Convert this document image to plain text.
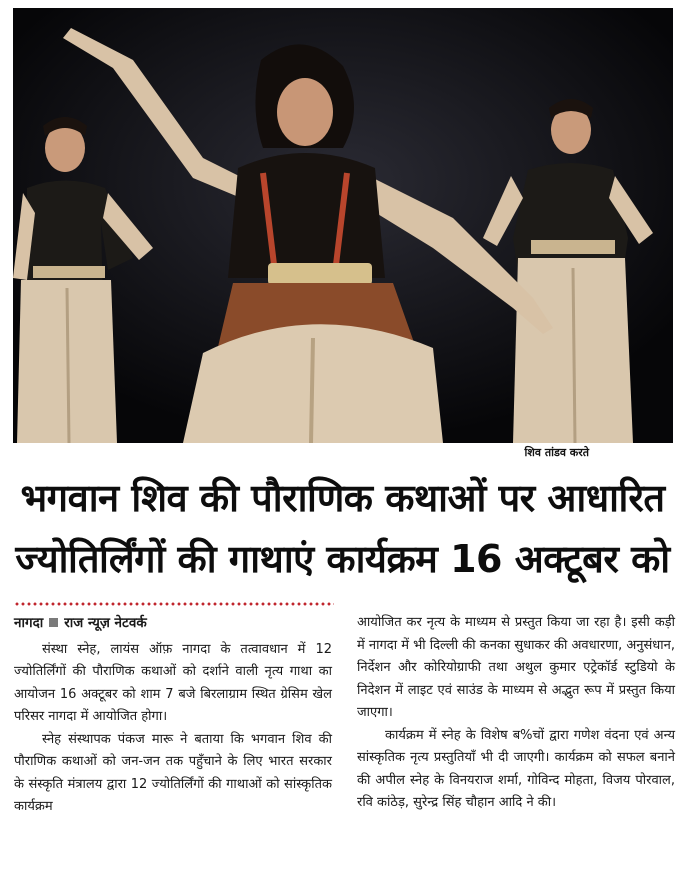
शिव तांडव करते
भगवान शिव की पौराणिक कथाओं पर आधारित
ज्योतिर्लिंगों की गाथाएं कार्यक्रम 16 अक्टूबर को
नागदा राज न्यूज़ नेटवर्क

संस्था स्नेह, लायंस ऑफ़ नागदा के तत्वावधान में 12 ज्योतिर्लिंगों की पौराणिक कथाओं को दर्शाने वाली नृत्य गाथा का आयोजन 16 अक्टूबर को शाम 7 बजे बिरलाग्राम स्थित ग्रेसिम खेल परिसर नागदा में आयोजित होगा।

स्नेह संस्थापक पंकज मारू ने बताया कि भगवान शिव की पौराणिक कथाओं को जन-जन तक पहुँचाने के लिए भारत सरकार के संस्कृति मंत्रालय द्वारा 12 ज्योतिर्लिंगों की गाथाओं को सांस्कृतिक कार्यक्रम

आयोजित कर नृत्य के माध्यम से प्रस्तुत किया जा रहा है। इसी कड़ी में नागदा में भी दिल्ली की कनका सुधाकर की अवधारणा, अनुसंधान, निर्देशन और कोरियोग्राफी तथा अथुल कुमार एट्रेकॉर्ड स्टुडियो के निदेशन में लाइट एवं साउंड के माध्यम से अद्भुत रूप में प्रस्तुत किया जाएगा।

कार्यक्रम में स्नेह के विशेष ब%चों द्वारा गणेश वंदना एवं अन्य सांस्कृतिक नृत्य प्रस्तुतियाँ भी दी जाएगी। कार्यक्रम को सफल बनाने की अपील स्नेह के विनयराज शर्मा, गोविन्द मोहता, विजय पोरवाल, रवि कांठेड़, सुरेन्द्र सिंह चौहान आदि ने की।
